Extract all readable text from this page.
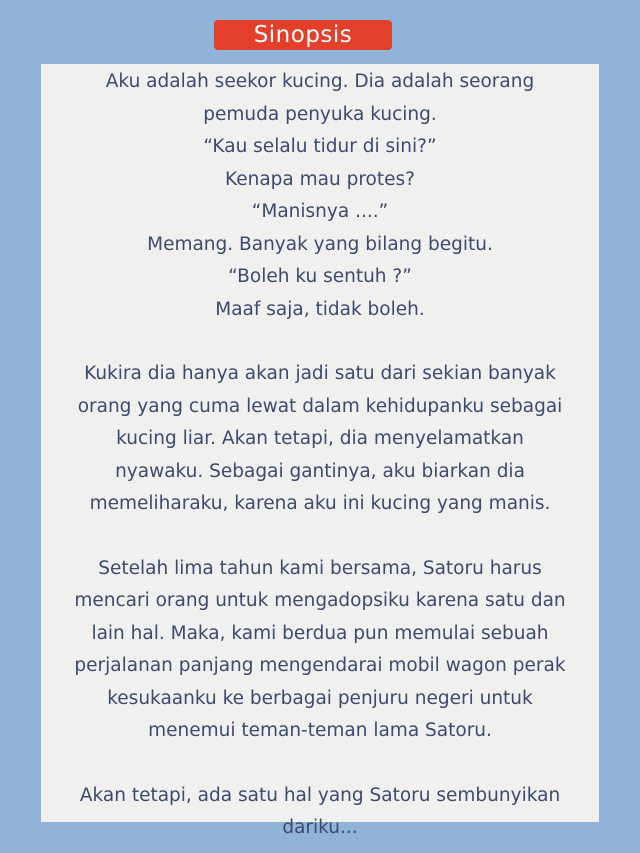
Sinopsis
Aku adalah seekor kucing. Dia adalah seorang
pemuda penyuka kucing.
“Kau selalu tidur di sini?”
Kenapa mau protes?
“Manisnya ....”
Memang. Banyak yang bilang begitu.
“Boleh ku sentuh ?”
Maaf saja, tidak boleh.
Kukira dia hanya akan jadi satu dari sekian banyak
orang yang cuma lewat dalam kehidupanku sebagai
kucing liar. Akan tetapi, dia menyelamatkan
nyawaku. Sebagai gantinya, aku biarkan dia
memeliharaku, karena aku ini kucing yang manis.
Setelah lima tahun kami bersama, Satoru harus
mencari orang untuk mengadopsiku karena satu dan
lain hal. Maka, kami berdua pun memulai sebuah
perjalanan panjang mengendarai mobil wagon perak
kesukaanku ke berbagai penjuru negeri untuk
menemui teman-teman lama Satoru.
Akan tetapi, ada satu hal yang Satoru sembunyikan
dariku...
